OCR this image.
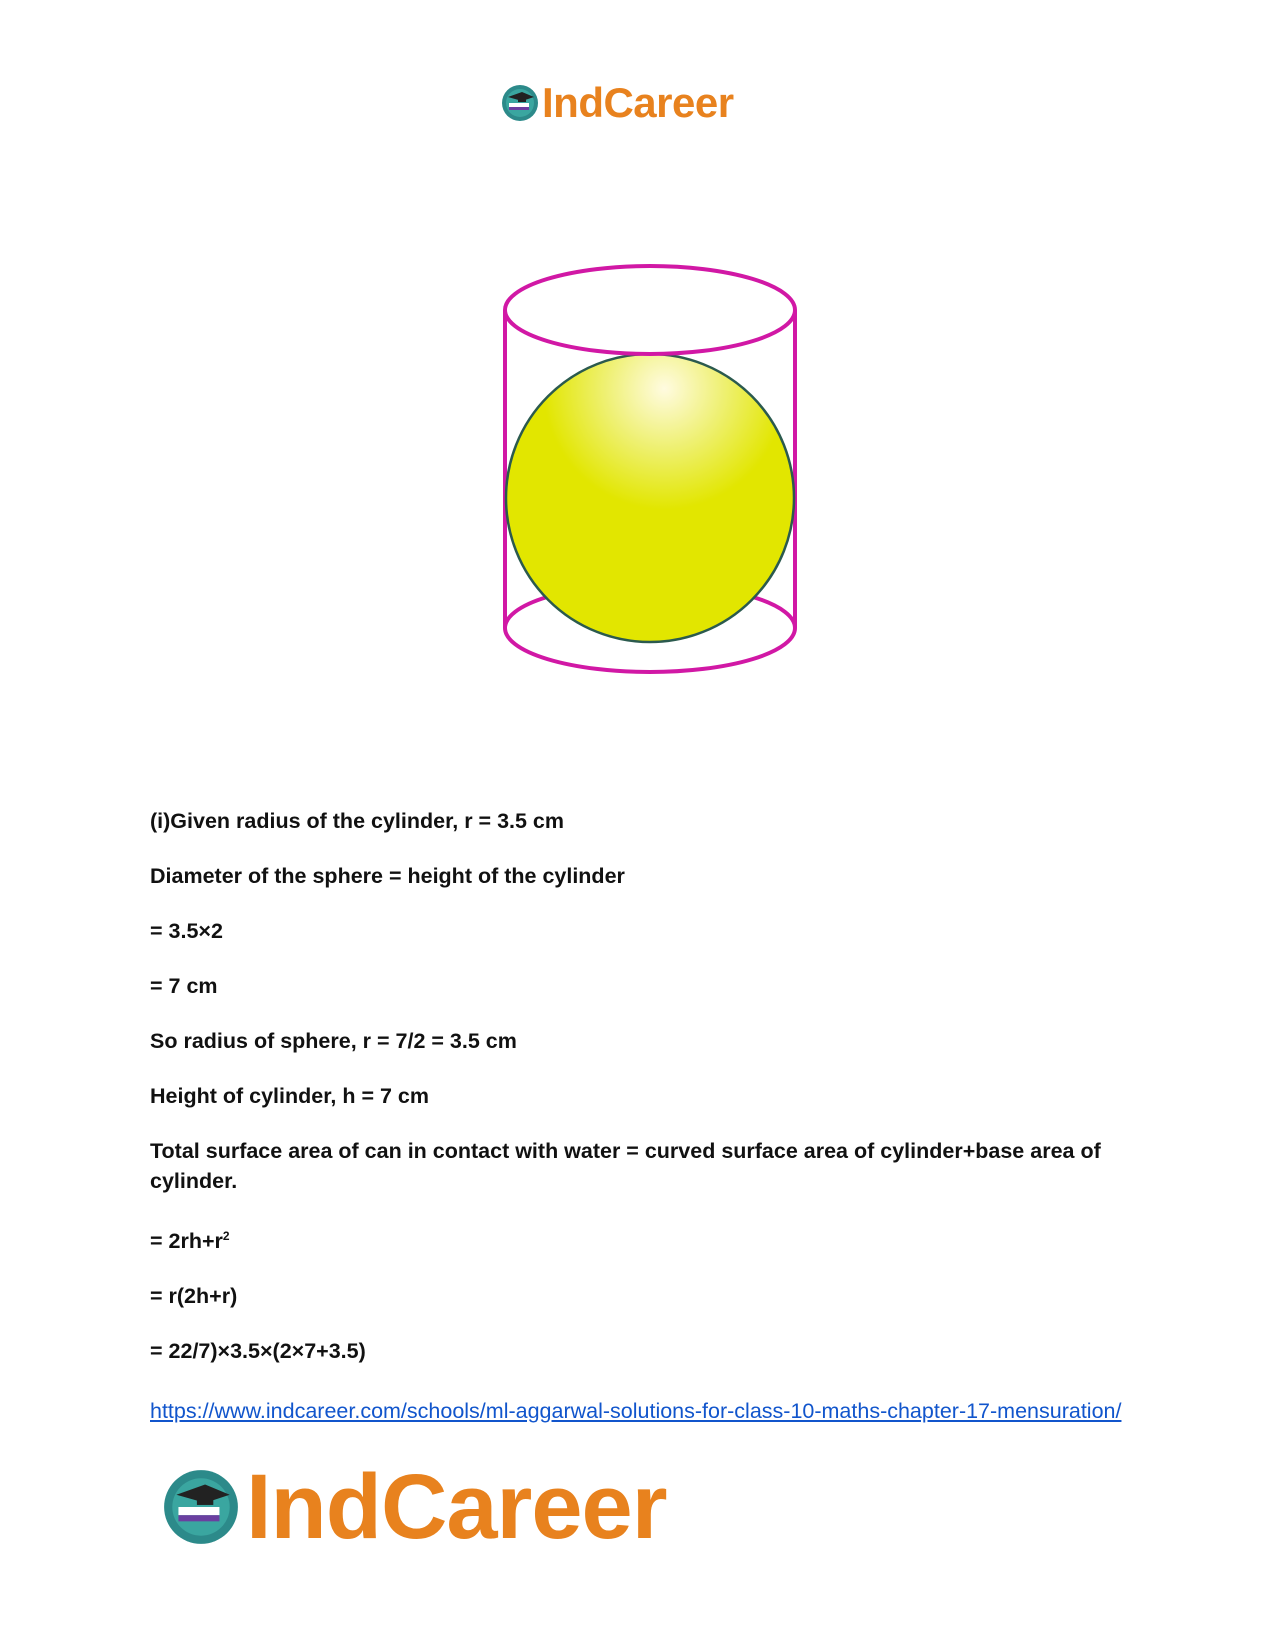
IndCareer

(i)Given radius of the cylinder, r = 3.5 cm

Diameter of the sphere = height of the cylinder

= 3.5×2

= 7 cm

So radius of sphere, r = 7/2 = 3.5 cm

Height of cylinder, h = 7 cm

Total surface area of can in contact with water = curved surface area of cylinder+base area of cylinder.

= $2rh+r^2$

= r(2h+r)

= 22/7)×3.5×(2×7+3.5)

https://www.indcareer.com/schools/ml-aggarwal-solutions-for-class-10-maths-chapter-17-mensuration/
IndCareer
